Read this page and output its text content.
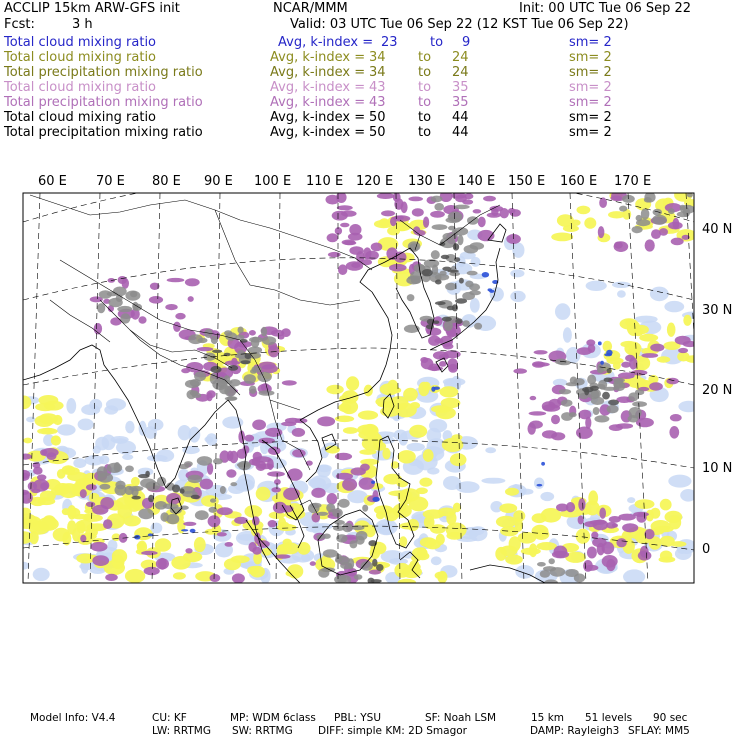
ACCLIP 15km ARW-GFS init	NCAR/MMM	Init: 00 UTC Tue 06 Sep 22
Fcst:	3 h	Valid: 03 UTC Tue 06 Sep 22 (12 KST Tue 06 Sep 22)
Total cloud mixing ratio	Avg, k-index = 23 to 9	sm= 2
Total cloud mixing ratio	Avg, k-index = 34 to 24	sm= 2
Total precipitation mixing ratio	Avg, k-index = 34 to 24	sm= 2
Total cloud mixing ratio	Avg, k-index = 43 to 35	sm= 2
Total precipitation mixing ratio	Avg, k-index = 43 to 35	sm= 2
Total cloud mixing ratio	Avg, k-index = 50 to 44	sm= 2
Total precipitation mixing ratio	Avg, k-index = 50 to 44	sm= 2
60 E 70 E 80 E 90 E 100 E 110 E 120 E 130 E 140 E 150 E 160 E 170 E
40 N
30 N
20 N
10 N
0
Model Info: V4.4	CU: KF	MP: WDM 6class PBL: YSU	SF: Noah LSM	15 km 51 levels 90 sec
LW: RRTMG SW: RRTMG DIFF: simple KM: 2D Smagor	DAMP: Rayleigh3 SFLAY: MM5
